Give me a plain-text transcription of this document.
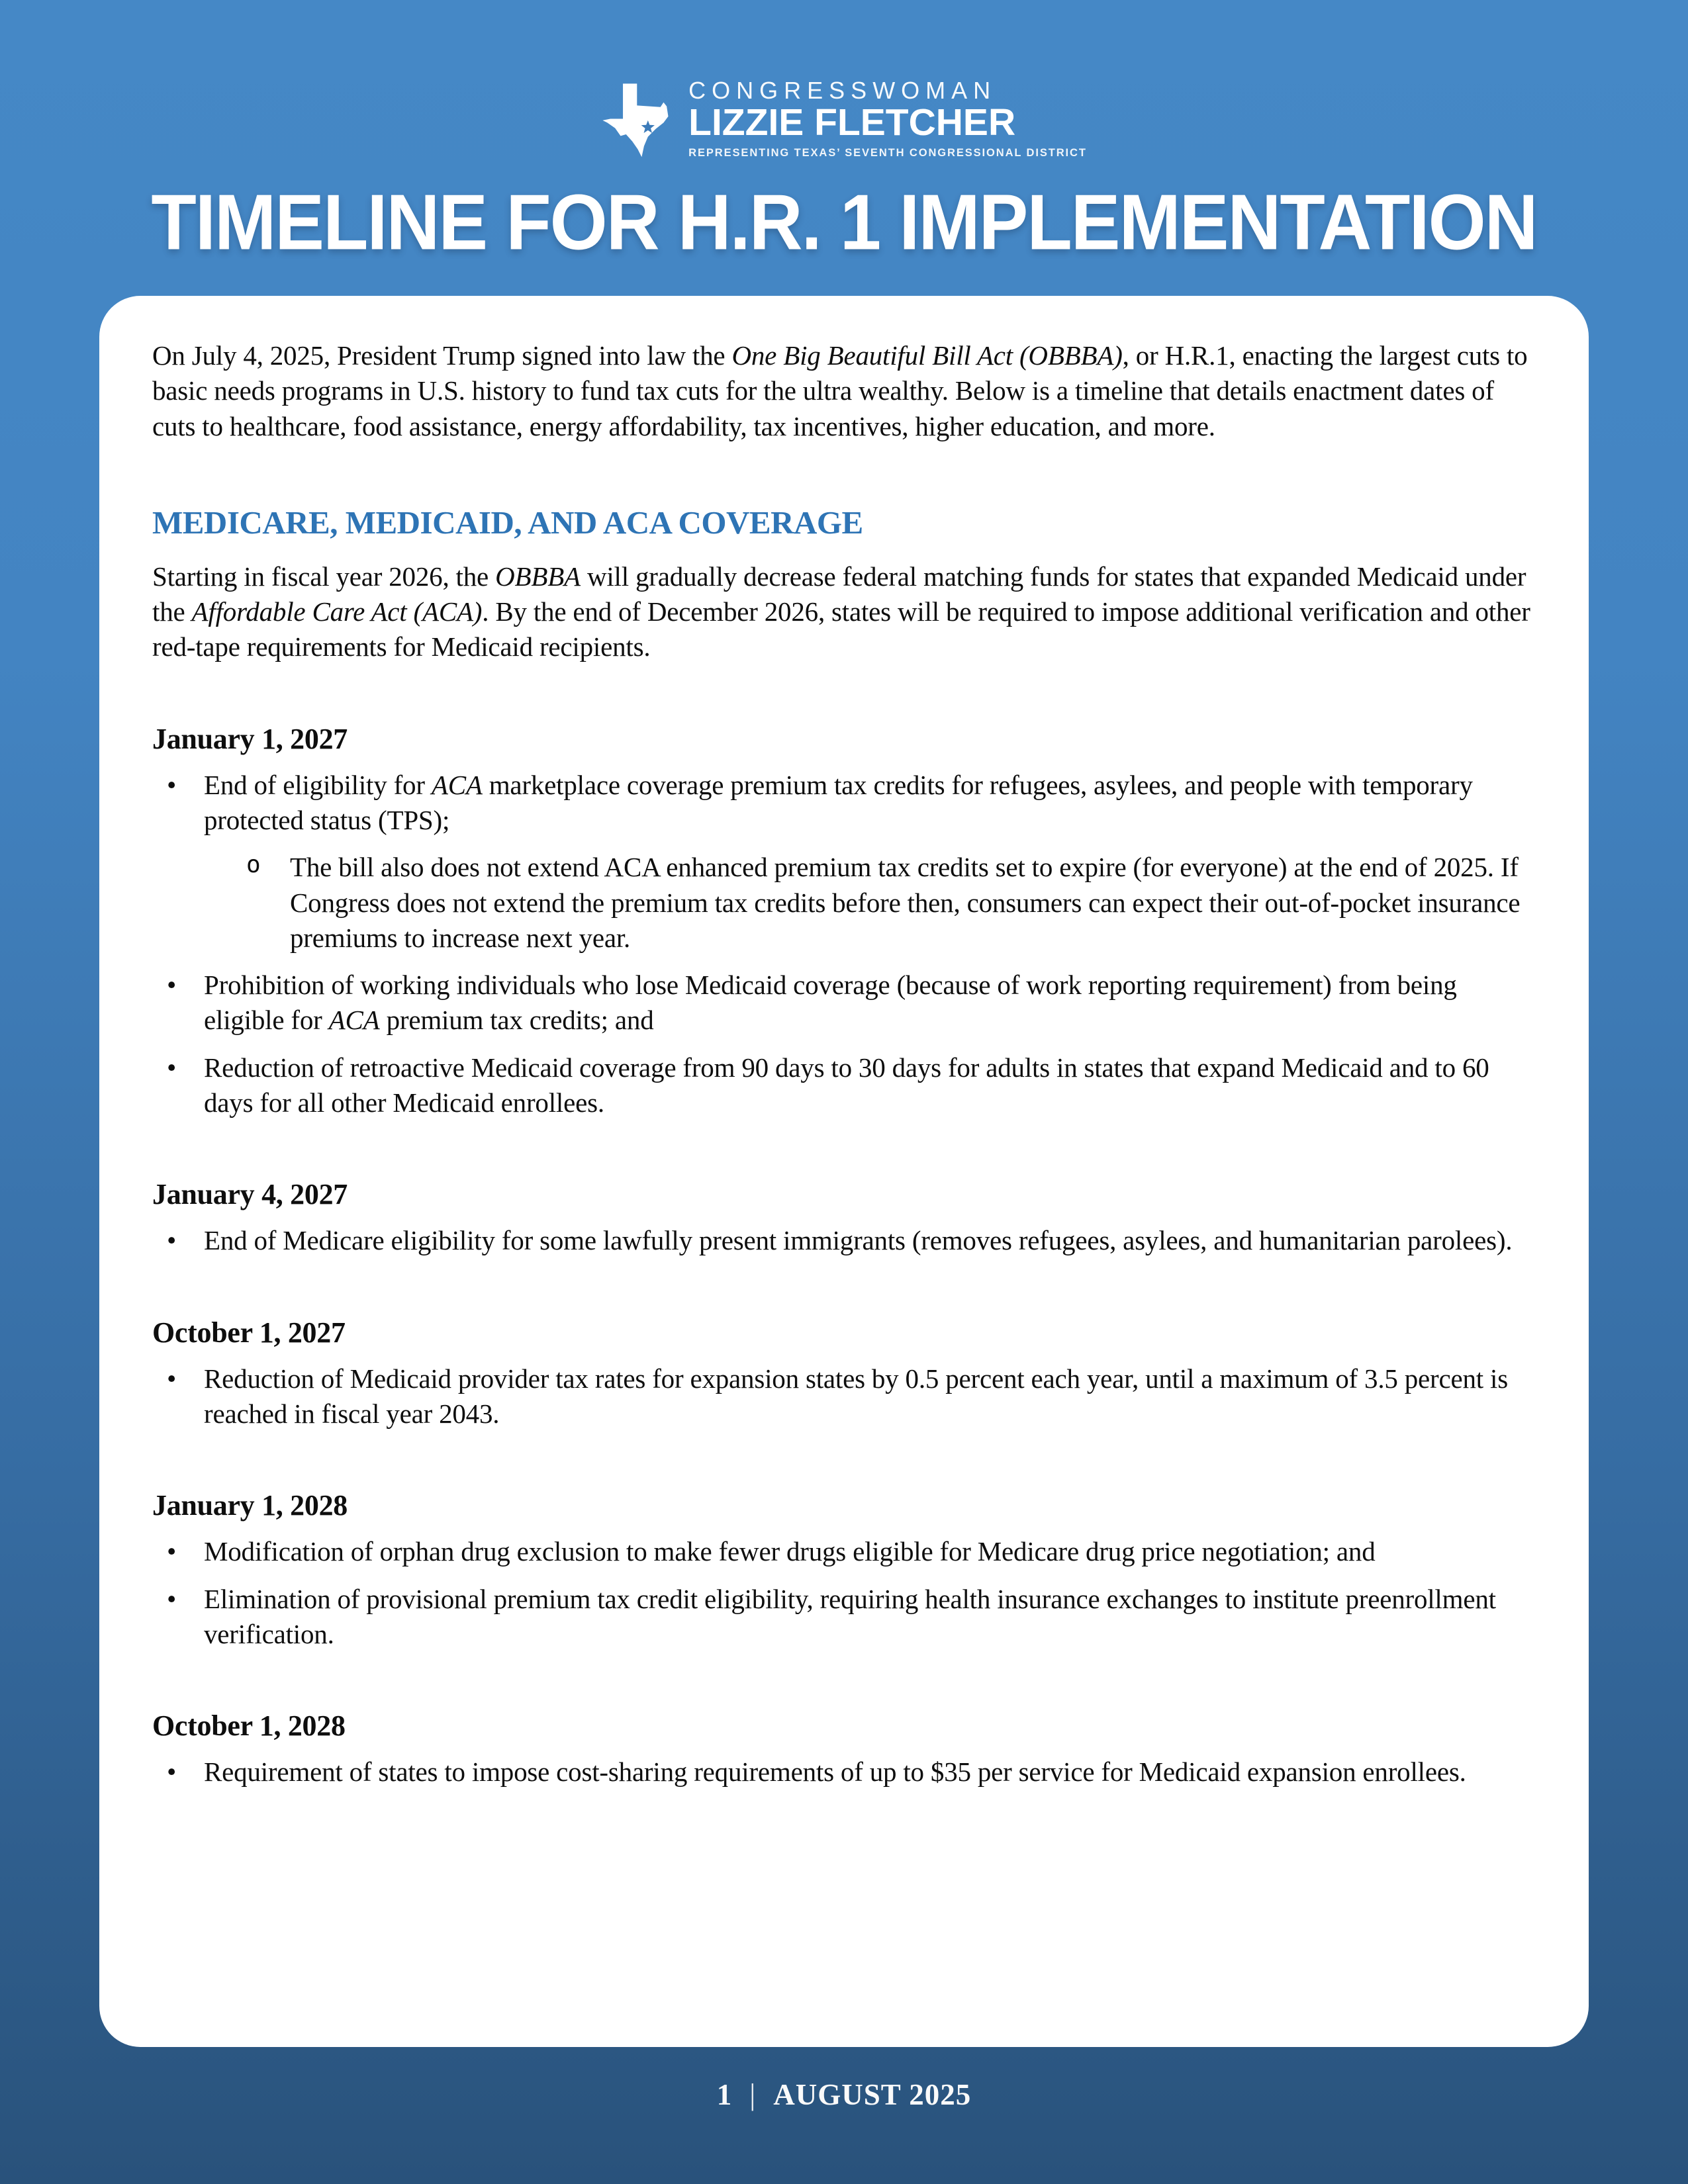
CONGRESSWOMAN
LIZZIE FLETCHER
REPRESENTING TEXAS’ SEVENTH CONGRESSIONAL DISTRICT
TIMELINE FOR H.R. 1 IMPLEMENTATION

On July 4, 2025, President Trump signed into law the One Big Beautiful Bill Act (OBBBA), or H.R.1, enacting the largest cuts to basic needs programs in U.S. history to fund tax cuts for the ultra wealthy. Below is a timeline that details enactment dates of cuts to healthcare, food assistance, energy affordability, tax incentives, higher education, and more.

MEDICARE, MEDICAID, AND ACA COVERAGE

Starting in fiscal year 2026, the OBBBA will gradually decrease federal matching funds for states that expanded Medicaid under the Affordable Care Act (ACA). By the end of December 2026, states will be required to impose additional verification and other red-tape requirements for Medicaid recipients.

January 1, 2027
•	End of eligibility for ACA marketplace coverage premium tax credits for refugees, asylees, and people with temporary protected status (TPS);
o	The bill also does not extend ACA enhanced premium tax credits set to expire (for everyone) at the end of 2025. If Congress does not extend the premium tax credits before then, consumers can expect their out-of-pocket insurance premiums to increase next year.
•	Prohibition of working individuals who lose Medicaid coverage (because of work reporting requirement) from being eligible for ACA premium tax credits; and
•	Reduction of retroactive Medicaid coverage from 90 days to 30 days for adults in states that expand Medicaid and to 60 days for all other Medicaid enrollees.
January 4, 2027
•	End of Medicare eligibility for some lawfully present immigrants (removes refugees, asylees, and humanitarian parolees).
October 1, 2027
•	Reduction of Medicaid provider tax rates for expansion states by 0.5 percent each year, until a maximum of 3.5 percent is reached in fiscal year 2043.
January 1, 2028
•	Modification of orphan drug exclusion to make fewer drugs eligible for Medicare drug price negotiation; and
•	Elimination of provisional premium tax credit eligibility, requiring health insurance exchanges to institute preenrollment verification.
October 1, 2028
•	Requirement of states to impose cost-sharing requirements of up to $35 per service for Medicaid expansion enrollees.
1 | AUGUST 2025
